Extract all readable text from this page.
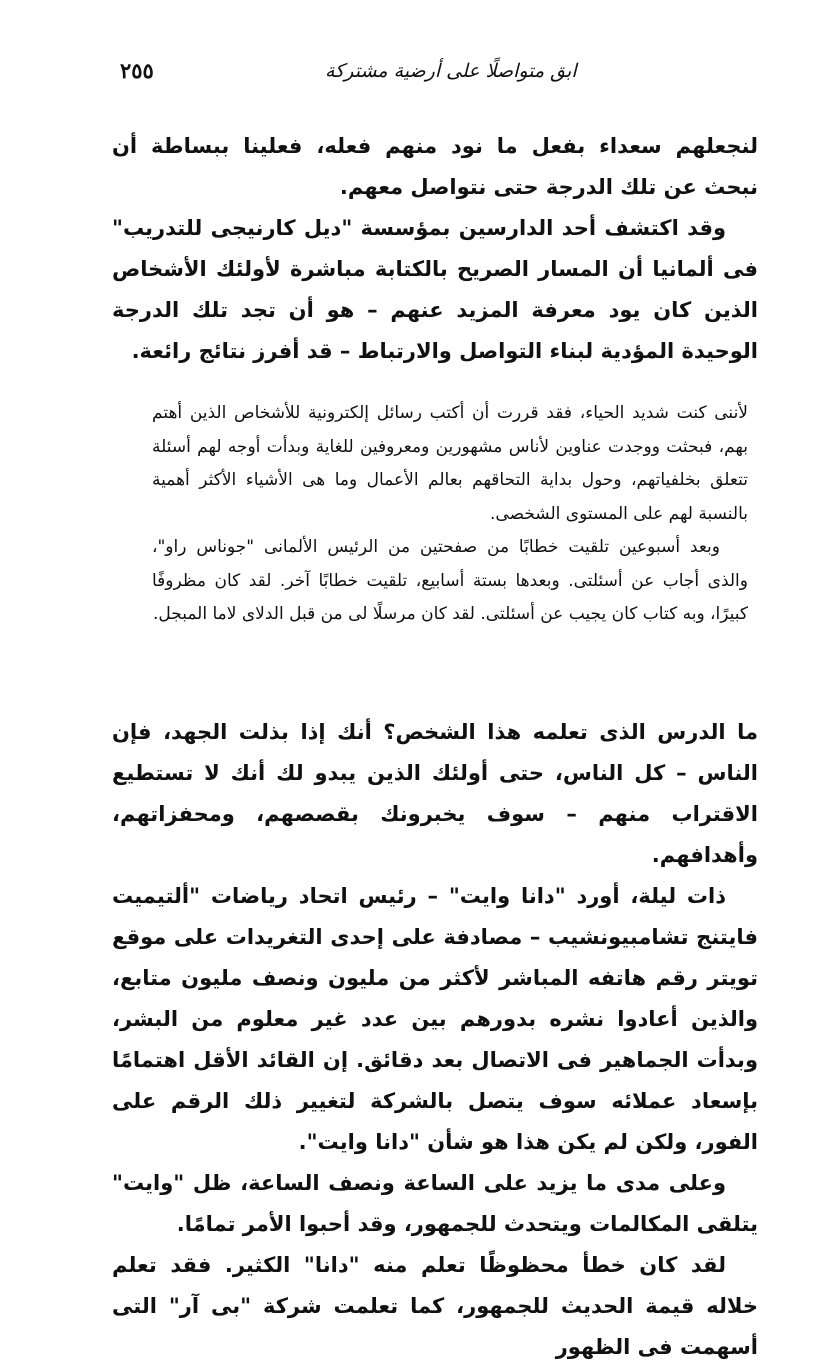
٢٥٥	ابق متواصلًا على أرضية مشتركة

لنجعلهم سعداء بفعل ما نود منهم فعله، فعلينا ببساطة أن نبحث عن تلك الدرجة حتى نتواصل معهم.

وقد اكتشف أحد الدارسين بمؤسسة "ديل كارنيجى للتدريب" فى ألمانيا أن المسار الصريح بالكتابة مباشرة لأولئك الأشخاص الذين كان يود معرفة المزيد عنهم – هو أن تجد تلك الدرجة الوحيدة المؤدية لبناء التواصل والارتباط – قد أفرز نتائج رائعة.

لأننى كنت شديد الحياء، فقد قررت أن أكتب رسائل إلكترونية للأشخاص الذين أهتم بهم، فبحثت ووجدت عناوين لأناس مشهورين ومعروفين للغاية وبدأت أوجه لهم أسئلة تتعلق بخلفياتهم، وحول بداية التحاقهم بعالم الأعمال وما هى الأشياء الأكثر أهمية بالنسبة لهم على المستوى الشخصى.

وبعد أسبوعين تلقيت خطابًا من صفحتين من الرئيس الألمانى "جوناس راو"، والذى أجاب عن أسئلتى. وبعدها بستة أسابيع، تلقيت خطابًا آخر. لقد كان مظروفًا كبيرًا، وبه كتاب كان يجيب عن أسئلتى. لقد كان مرسلًا لى من قبل الدلاى لاما المبجل.

ما الدرس الذى تعلمه هذا الشخص؟ أنك إذا بذلت الجهد، فإن الناس – كل الناس، حتى أولئك الذين يبدو لك أنك لا تستطيع الاقتراب منهم – سوف يخبرونك بقصصهم، ومحفزاتهم، وأهدافهم.

ذات ليلة، أورد "دانا وايت" – رئيس اتحاد رياضات "ألتيميت فايتنج تشامبيونشيب – مصادفة على إحدى التغريدات على موقع تويتر رقم هاتفه المباشر لأكثر من مليون ونصف مليون متابع، والذين أعادوا نشره بدورهم بين عدد غير معلوم من البشر، وبدأت الجماهير فى الاتصال بعد دقائق. إن القائد الأقل اهتمامًا بإسعاد عملائه سوف يتصل بالشركة لتغيير ذلك الرقم على الفور، ولكن لم يكن هذا هو شأن "دانا وايت".

وعلى مدى ما يزيد على الساعة ونصف الساعة، ظل "وايت" يتلقى المكالمات ويتحدث للجمهور، وقد أحبوا الأمر تمامًا.

لقد كان خطأ محظوظًا تعلم منه "دانا" الكثير. فقد تعلم خلاله قيمة الحديث للجمهور، كما تعلمت شركة "بى آر" التى أسهمت فى الظهور
